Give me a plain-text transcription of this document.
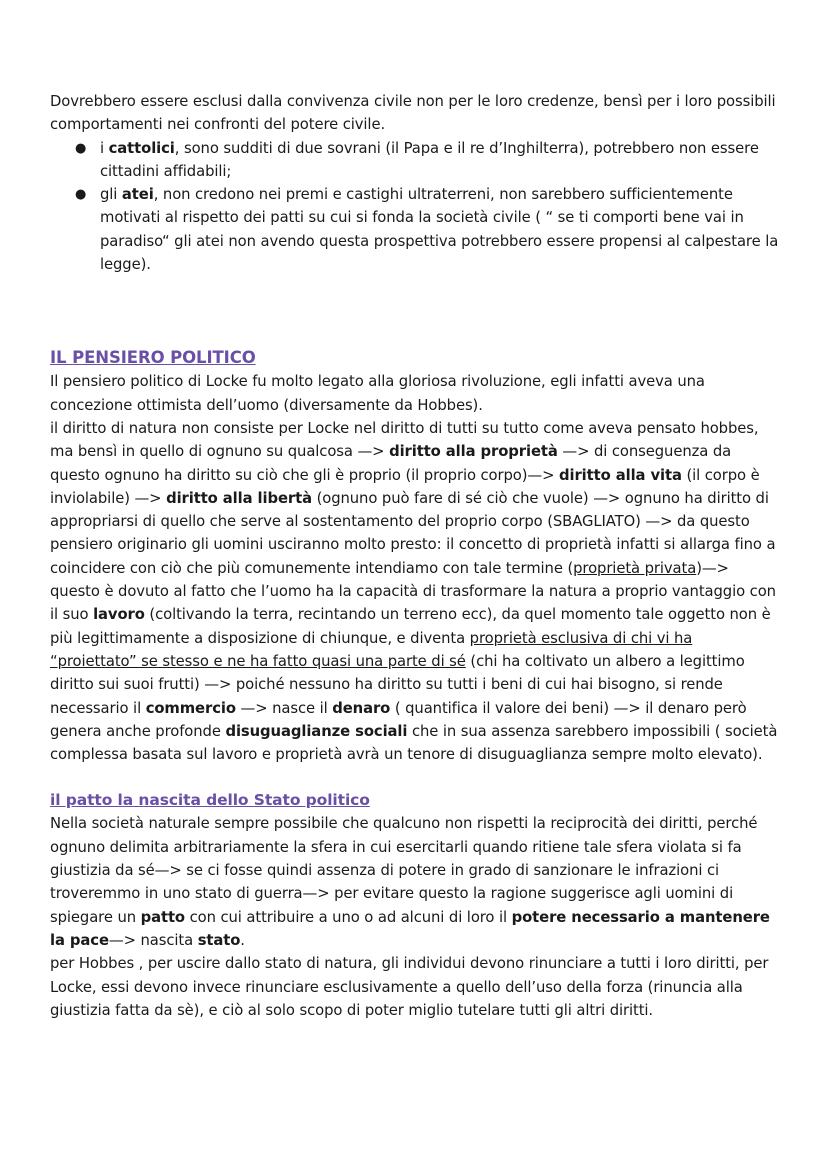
Dovrebbero essere esclusi dalla convivenza civile non per le loro credenze, bensì per i loro possibili comportamenti nei confronti del potere civile.

● i cattolici, sono sudditi di due sovrani (il Papa e il re d’Inghilterra), potrebbero non essere cittadini affidabili;
● gli atei, non credono nei premi e castighi ultraterreni, non sarebbero sufficientemente motivati al rispetto dei patti su cui si fonda la società civile ( “ se ti comporti bene vai in paradiso“ gli atei non avendo questa prospettiva potrebbero essere propensi al calpestare la legge).
IL PENSIERO POLITICO

Il pensiero politico di Locke fu molto legato alla gloriosa rivoluzione, egli infatti aveva una concezione ottimista dell’uomo (diversamente da Hobbes).

il diritto di natura non consiste per Locke nel diritto di tutti su tutto come aveva pensato hobbes, ma bensì in quello di ognuno su qualcosa —> diritto alla proprietà —> di conseguenza da questo ognuno ha diritto su ciò che gli è proprio (il proprio corpo)—> diritto alla vita (il corpo è inviolabile) —> diritto alla libertà (ognuno può fare di sé ciò che vuole) —> ognuno ha diritto di appropriarsi di quello che serve al sostentamento del proprio corpo (SBAGLIATO) —> da questo pensiero originario gli uomini usciranno molto presto: il concetto di proprietà infatti si allarga fino a coincidere con ciò che più comunemente intendiamo con tale termine (proprietà privata)—> questo è dovuto al fatto che l’uomo ha la capacità di trasformare la natura a proprio vantaggio con il suo lavoro (coltivando la terra, recintando un terreno ecc), da quel momento tale oggetto non è più legittimamente a disposizione di chiunque, e diventa proprietà esclusiva di chi vi ha “proiettato” se stesso e ne ha fatto quasi una parte di sé (chi ha coltivato un albero a legittimo diritto sui suoi frutti) —> poiché nessuno ha diritto su tutti i beni di cui hai bisogno, si rende necessario il commercio —> nasce il denaro ( quantifica il valore dei beni) —> il denaro però genera anche profonde disuguaglianze sociali che in sua assenza sarebbero impossibili ( società complessa basata sul lavoro e proprietà avrà un tenore di disuguaglianza sempre molto elevato).

il patto la nascita dello Stato politico

Nella società naturale sempre possibile che qualcuno non rispetti la reciprocità dei diritti, perché ognuno delimita arbitrariamente la sfera in cui esercitarli quando ritiene tale sfera violata si fa giustizia da sé—> se ci fosse quindi assenza di potere in grado di sanzionare le infrazioni ci troveremmo in uno stato di guerra—> per evitare questo la ragione suggerisce agli uomini di spiegare un patto con cui attribuire a uno o ad alcuni di loro il potere necessario a mantenere la pace—> nascita stato.

per Hobbes , per uscire dallo stato di natura, gli individui devono rinunciare a tutti i loro diritti, per Locke, essi devono invece rinunciare esclusivamente a quello dell’uso della forza (rinuncia alla giustizia fatta da sè), e ciò al solo scopo di poter miglio tutelare tutti gli altri diritti.
